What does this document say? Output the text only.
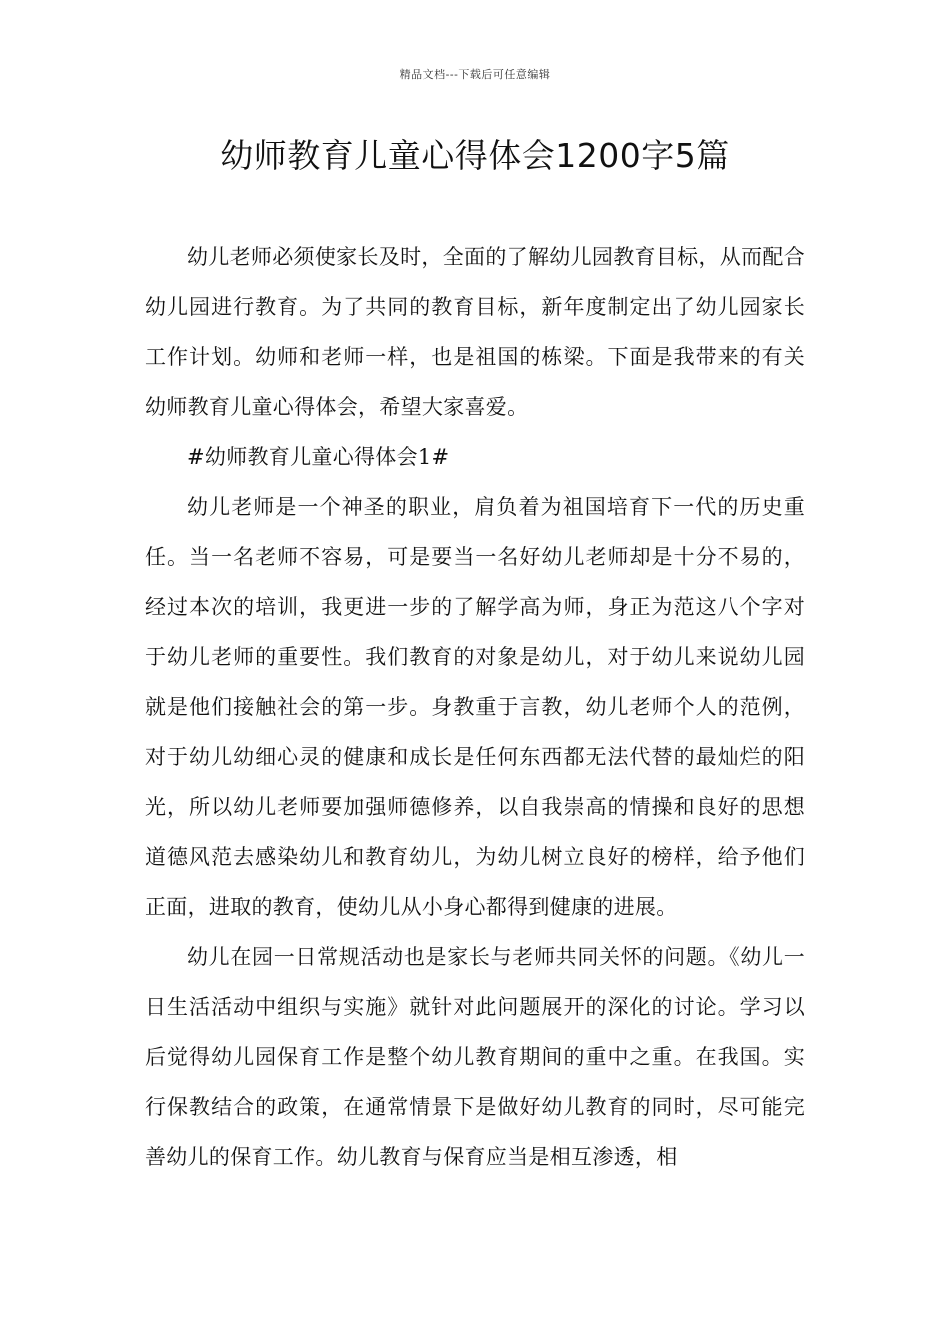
精品文档---下载后可任意编辑
幼师教育儿童心得体会1200字5篇

幼儿老师必须使家长及时，全面的了解幼儿园教育目标，从而配合幼儿园进行教育。为了共同的教育目标，新年度制定出了幼儿园家长工作计划。幼师和老师一样，也是祖国的栋梁。下面是我带来的有关幼师教育儿童心得体会，希望大家喜爱。

#幼师教育儿童心得体会1#

幼儿老师是一个神圣的职业，肩负着为祖国培育下一代的历史重任。当一名老师不容易，可是要当一名好幼儿老师却是十分不易的，经过本次的培训，我更进一步的了解学高为师，身正为范这八个字对于幼儿老师的重要性。我们教育的对象是幼儿，对于幼儿来说幼儿园就是他们接触社会的第一步。身教重于言教，幼儿老师个人的范例，对于幼儿幼细心灵的健康和成长是任何东西都无法代替的最灿烂的阳光，所以幼儿老师要加强师德修养，以自我崇高的情操和良好的思想道德风范去感染幼儿和教育幼儿，为幼儿树立良好的榜样，给予他们正面，进取的教育，使幼儿从小身心都得到健康的进展。

幼儿在园一日常规活动也是家长与老师共同关怀的问题。《幼儿一日生活活动中组织与实施》就针对此问题展开的深化的讨论。学习以后觉得幼儿园保育工作是整个幼儿教育期间的重中之重。在我国。实行保教结合的政策，在通常情景下是做好幼儿教育的同时，尽可能完善幼儿的保育工作。幼儿教育与保育应当是相互渗透，相
